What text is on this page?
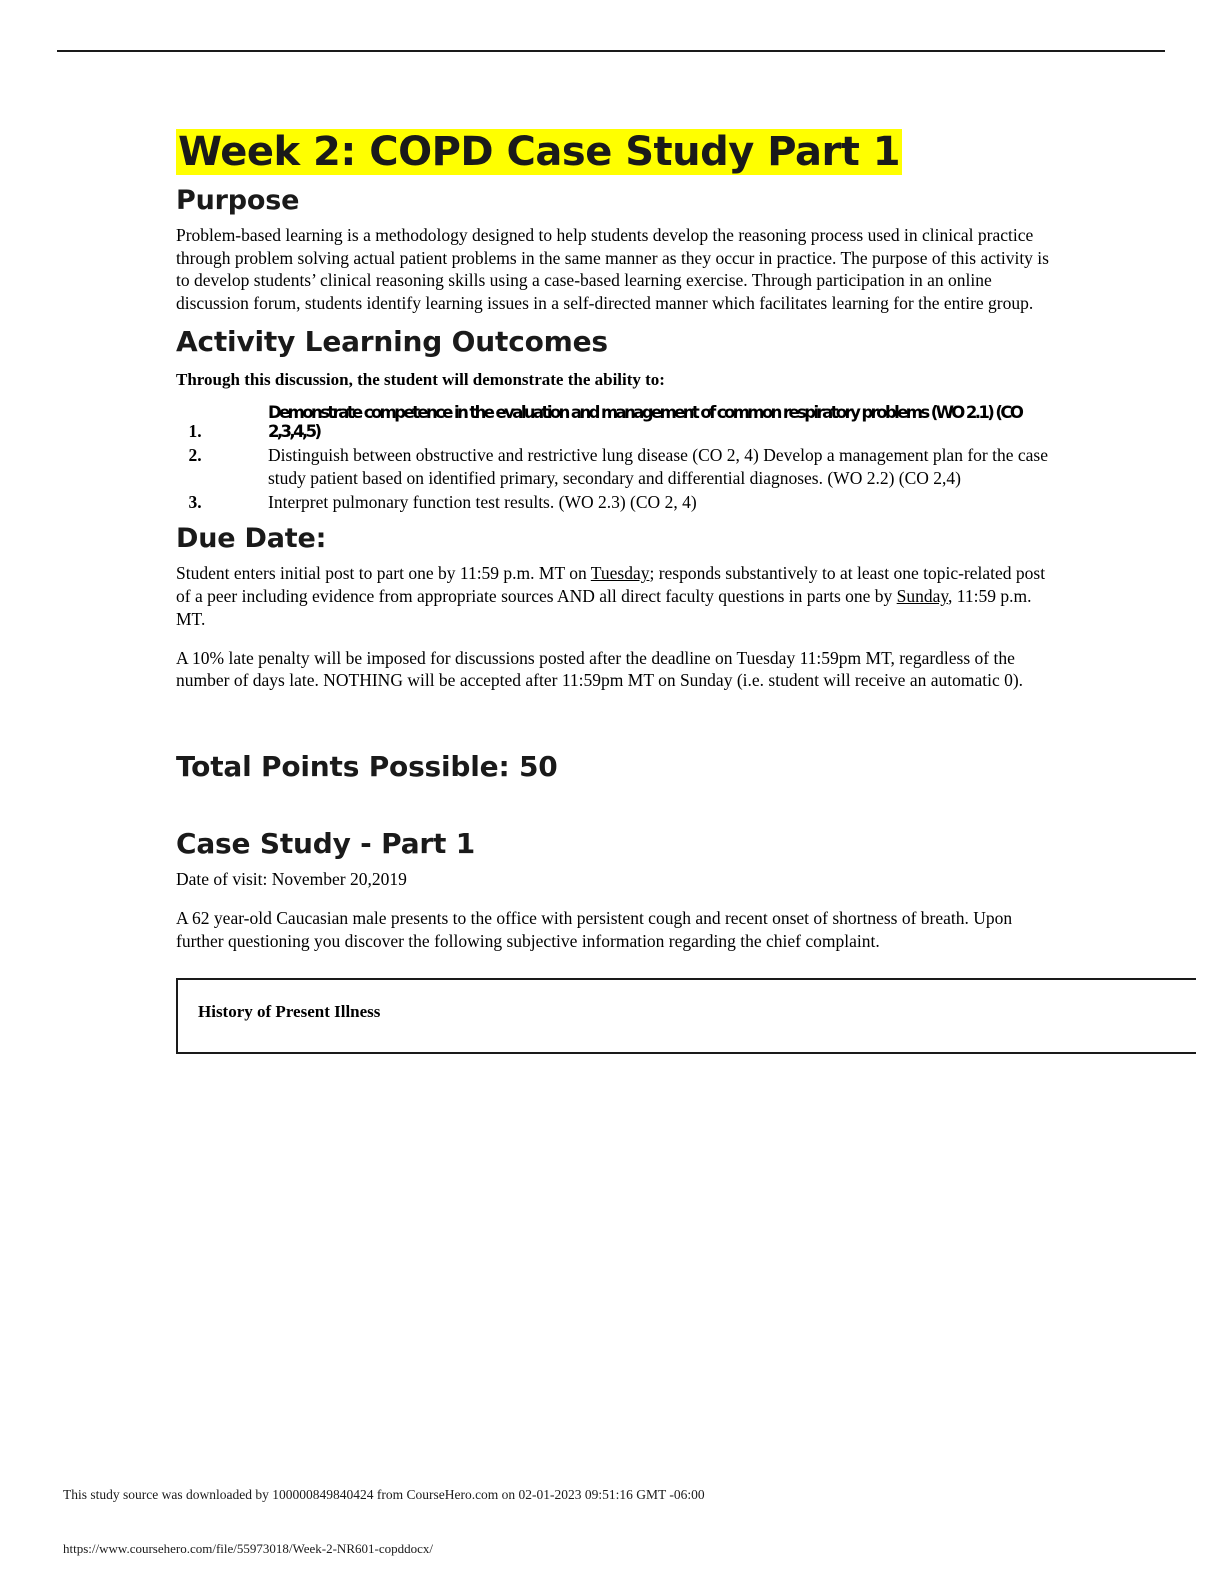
Week 2: COPD Case Study Part 1
Purpose

Problem-based learning is a methodology designed to help students develop the reasoning process used in clinical practice through problem solving actual patient problems in the same manner as they occur in practice. The purpose of this activity is to develop students’ clinical reasoning skills using a case-based learning exercise. Through participation in an online discussion forum, students identify learning issues in a self-directed manner which facilitates learning for the entire group.

Activity Learning Outcomes

Through this discussion, the student will demonstrate the ability to:

1. Demonstrate competence in the evaluation and management of common respiratory problems (WO 2.1) (CO 2,3,4,5)
2. Distinguish between obstructive and restrictive lung disease (CO 2, 4) Develop a management plan for the case study patient based on identified primary, secondary and differential diagnoses. (WO 2.2) (CO 2,4)
3. Interpret pulmonary function test results. (WO 2.3) (CO 2, 4)
Due Date:

Student enters initial post to part one by 11:59 p.m. MT on Tuesday; responds substantively to at least one topic-related post of a peer including evidence from appropriate sources AND all direct faculty questions in parts one by Sunday, 11:59 p.m. MT.

A 10% late penalty will be imposed for discussions posted after the deadline on Tuesday 11:59pm MT, regardless of the number of days late. NOTHING will be accepted after 11:59pm MT on Sunday (i.e. student will receive an automatic 0).

Total Points Possible: 50
Case Study - Part 1

Date of visit: November 20,2019

A 62 year-old Caucasian male presents to the office with persistent cough and recent onset of shortness of breath. Upon further questioning you discover the following subjective information regarding the chief complaint.

History of Present Illness
This study source was downloaded by 100000849840424 from CourseHero.com on 02-01-2023 09:51:16 GMT -06:00
https://www.coursehero.com/file/55973018/Week-2-NR601-copddocx/
